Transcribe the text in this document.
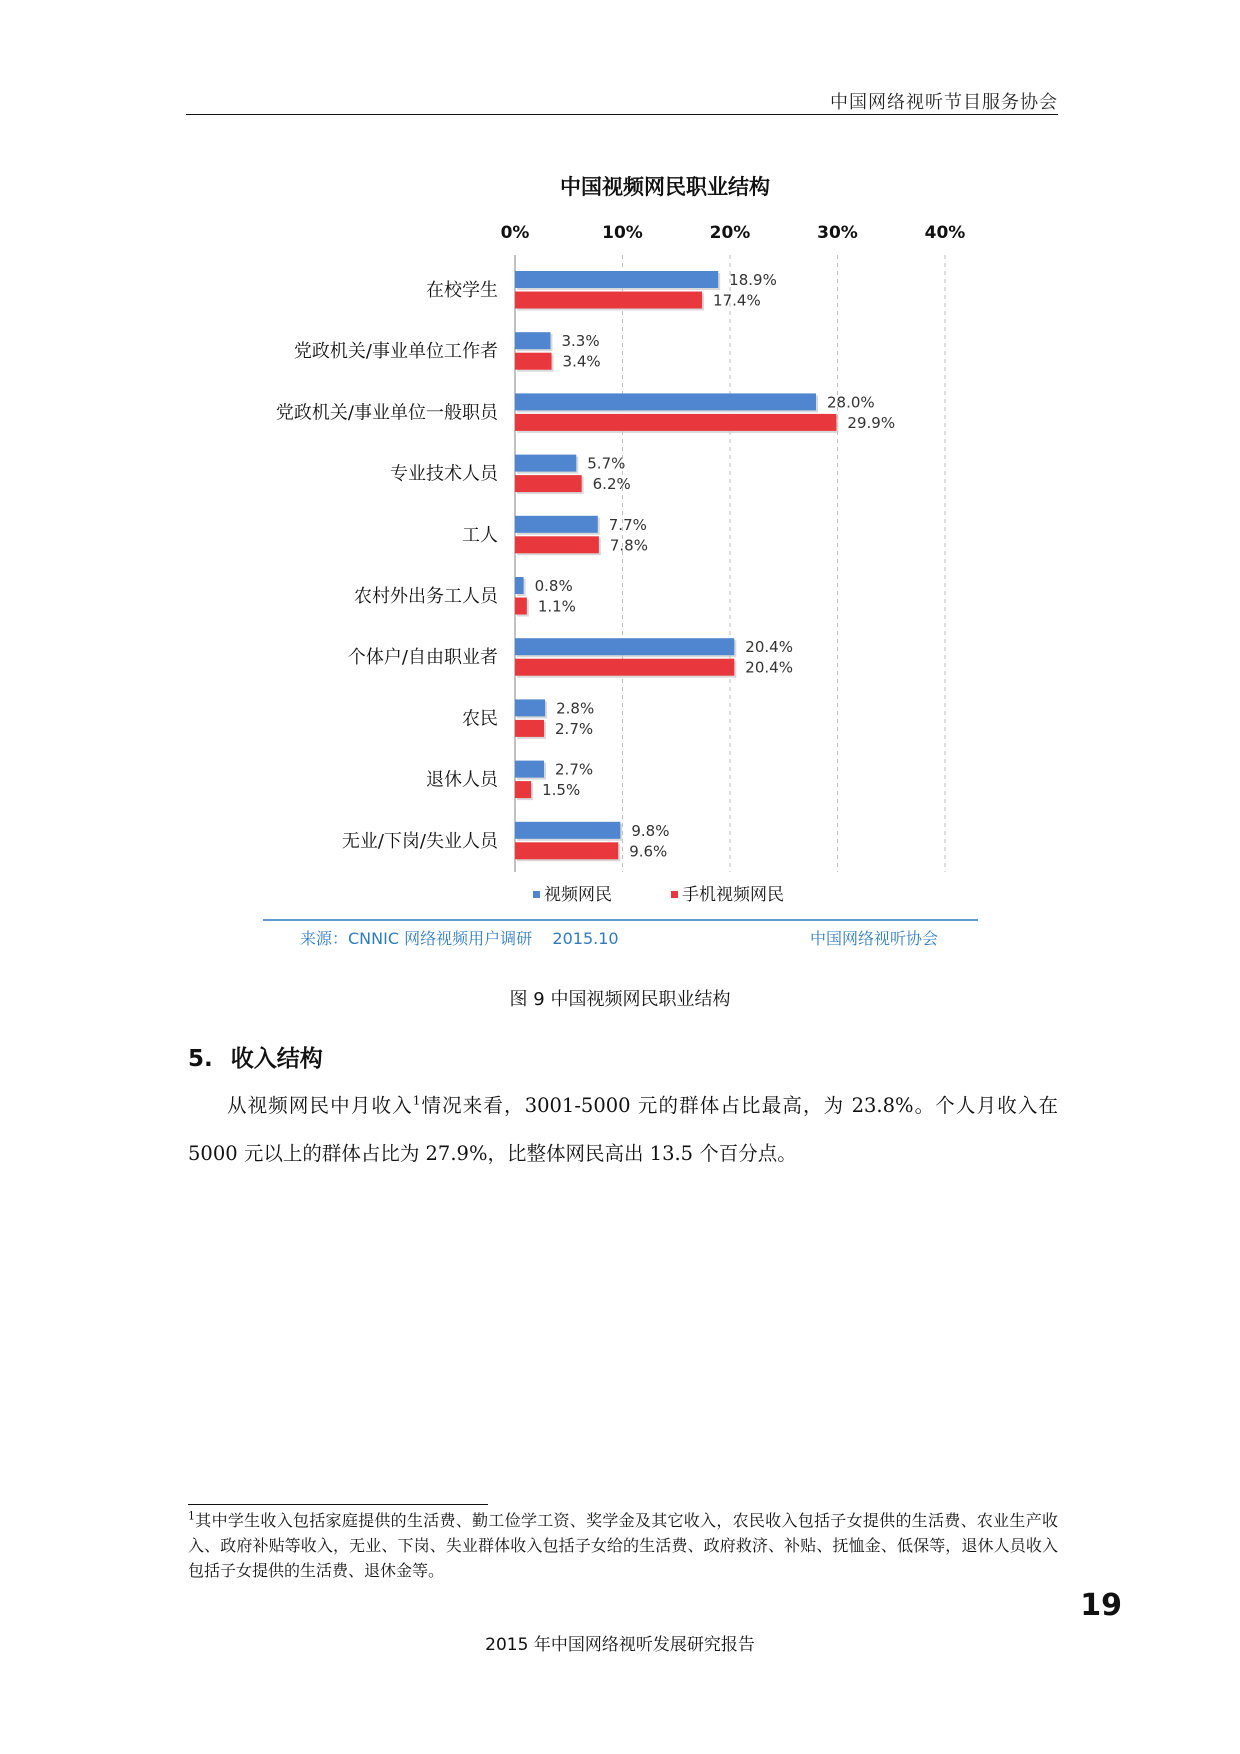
中国网络视听节目服务协会
中国视频网民职业结构
0%	10%	20%	30%	40%
18.9%
17.4%
3.3%
3.4%
28.0%
29.9%
5.7%
6.2%
7.7%
7.8%
0.8%
1.1%
20.4%
20.4%
2.8%
2.7%
2.7%
1.5%
9.8%
9.6%
在校学生
党政机关/事业单位工作者
党政机关/事业单位一般职员
专业技术人员
工人
农村外出务工人员
个体户/自由职业者
农民
退休人员
无业/下岗/失业人员
视频网民	手机视频网民
来源：CNNIC 网络视频用户调研    2015.10	中国网络视听协会
图 9 中国视频网民职业结构
5. 收入结构
从视频网民中月收入$^1$情况来看，3001-5000 元的群体占比最高，为 23.8%。个人月收入在 5000 元以上的群体占比为 27.9%，比整体网民高出 13.5 个百分点。
$^1$其中学生收入包括家庭提供的生活费、勤工俭学工资、奖学金及其它收入，农民收入包括子女提供的生活费、农业生产收入、政府补贴等收入，无业、下岗、失业群体收入包括子女给的生活费、政府救济、补贴、抚恤金、低保等，退休人员收入包括子女提供的生活费、退休金等。
19
2015 年中国网络视听发展研究报告
